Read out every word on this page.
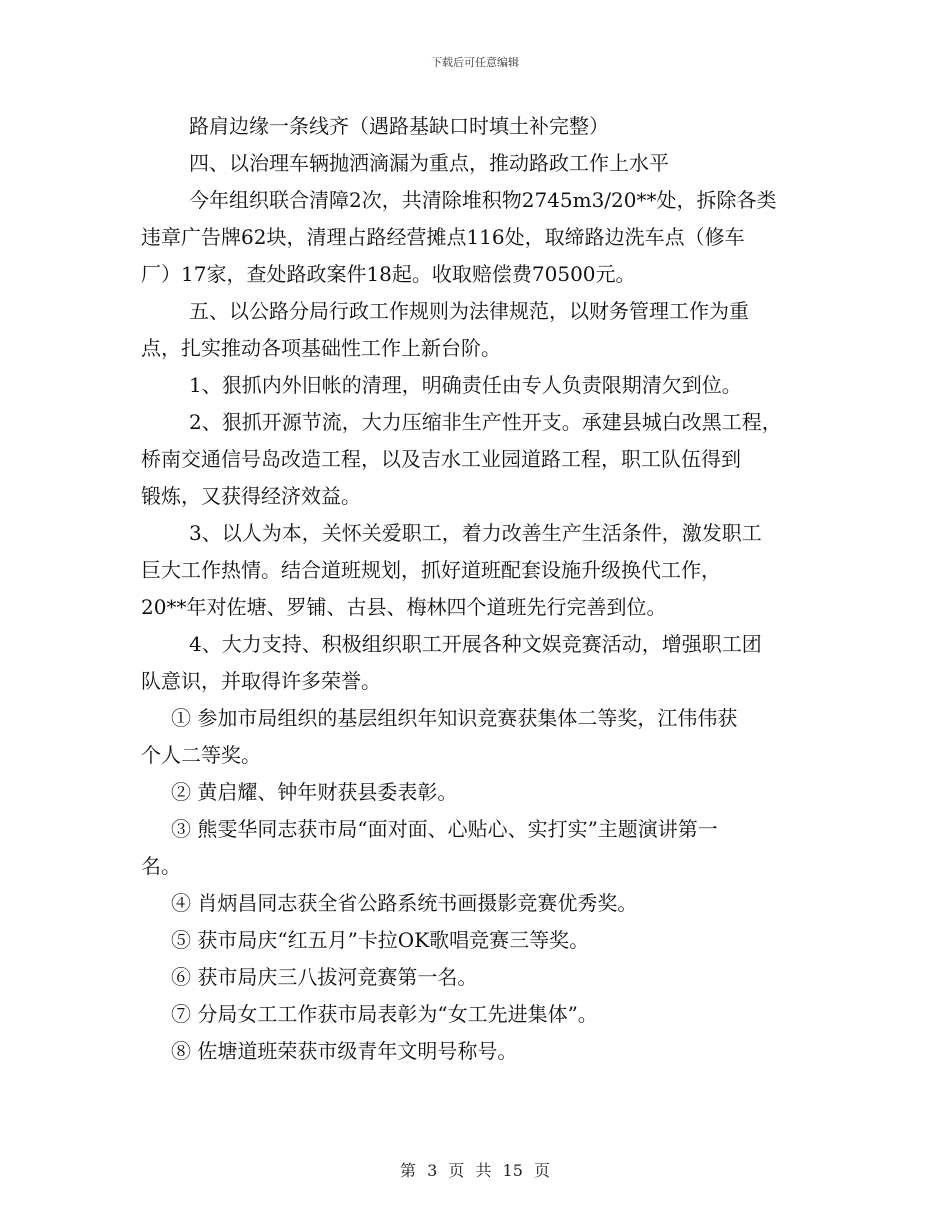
下载后可任意编辑
路肩边缘一条线齐（遇路基缺口时填土补完整）
四、以治理车辆抛洒滴漏为重点，推动路政工作上水平
今年组织联合清障2次，共清除堆积物2745m3/20**处，拆除各类
违章广告牌62块，清理占路经营摊点116处，取缔路边洗车点（修车
厂）17家，查处路政案件18起。收取赔偿费70500元。
五、以公路分局行政工作规则为法律规范，以财务管理工作为重
点，扎实推动各项基础性工作上新台阶。
1、狠抓内外旧帐的清理，明确责任由专人负责限期清欠到位。
2、狠抓开源节流，大力压缩非生产性开支。承建县城白改黑工程，
桥南交通信号岛改造工程，以及吉水工业园道路工程，职工队伍得到
锻炼，又获得经济效益。
3、以人为本，关怀关爱职工，着力改善生产生活条件，激发职工
巨大工作热情。结合道班规划，抓好道班配套设施升级换代工作，
20**年对佐塘、罗铺、古县、梅林四个道班先行完善到位。
4、大力支持、积极组织职工开展各种文娱竞赛活动，增强职工团
队意识，并取得许多荣誉。
① 参加市局组织的基层组织年知识竞赛获集体二等奖，江伟伟获
个人二等奖。
② 黄启耀、钟年财获县委表彰。
③ 熊雯华同志获市局“面对面、心贴心、实打实”主题演讲第一
名。
④ 肖炳昌同志获全省公路系统书画摄影竞赛优秀奖。
⑤ 获市局庆“红五月”卡拉OK歌唱竞赛三等奖。
⑥ 获市局庆三八拔河竞赛第一名。
⑦ 分局女工工作获市局表彰为“女工先进集体”。
⑧ 佐塘道班荣获市级青年文明号称号。
第 3 页 共 15 页
